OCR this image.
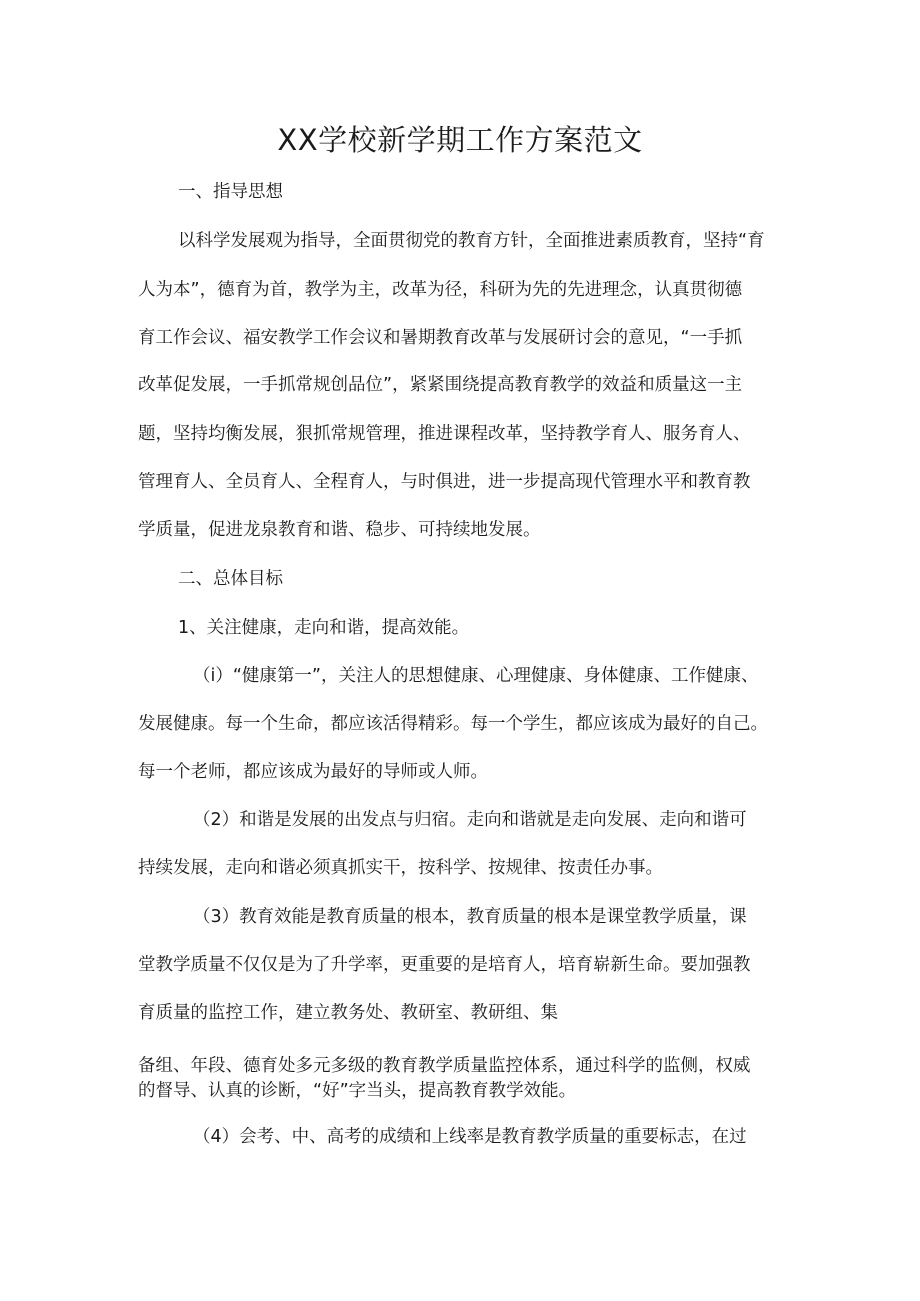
XX学校新学期工作方案范文
一、指导思想
以科学发展观为指导，全面贯彻党的教育方针，全面推进素质教育，坚持“育
人为本”，德育为首，教学为主，改革为径，科研为先的先进理念，认真贯彻德
育工作会议、福安教学工作会议和暑期教育改革与发展研讨会的意见，“一手抓
改革促发展，一手抓常规创品位”，紧紧围绕提高教育教学的效益和质量这一主
题，坚持均衡发展，狠抓常规管理，推进课程改革，坚持教学育人、服务育人、
管理育人、全员育人、全程育人，与时俱进，进一步提高现代管理水平和教育教
学质量，促进龙泉教育和谐、稳步、可持续地发展。
二、总体目标
1、关注健康，走向和谐，提高效能。
（i）“健康第一”，关注人的思想健康、心理健康、身体健康、工作健康、
发展健康。每一个生命，都应该活得精彩。每一个学生，都应该成为最好的自己。
每一个老师，都应该成为最好的导师或人师。
（2）和谐是发展的出发点与归宿。走向和谐就是走向发展、走向和谐可
持续发展，走向和谐必须真抓实干，按科学、按规律、按责任办事。
（3）教育效能是教育质量的根本，教育质量的根本是课堂教学质量，课
堂教学质量不仅仅是为了升学率，更重要的是培育人，培育崭新生命。要加强教
育质量的监控工作，建立教务处、教研室、教研组、集
备组、年段、德育处多元多级的教育教学质量监控体系，通过科学的监侧，权威
的督导、认真的诊断，“好”字当头，提高教育教学效能。
（4）会考、中、高考的成绩和上线率是教育教学质量的重要标志，在过
